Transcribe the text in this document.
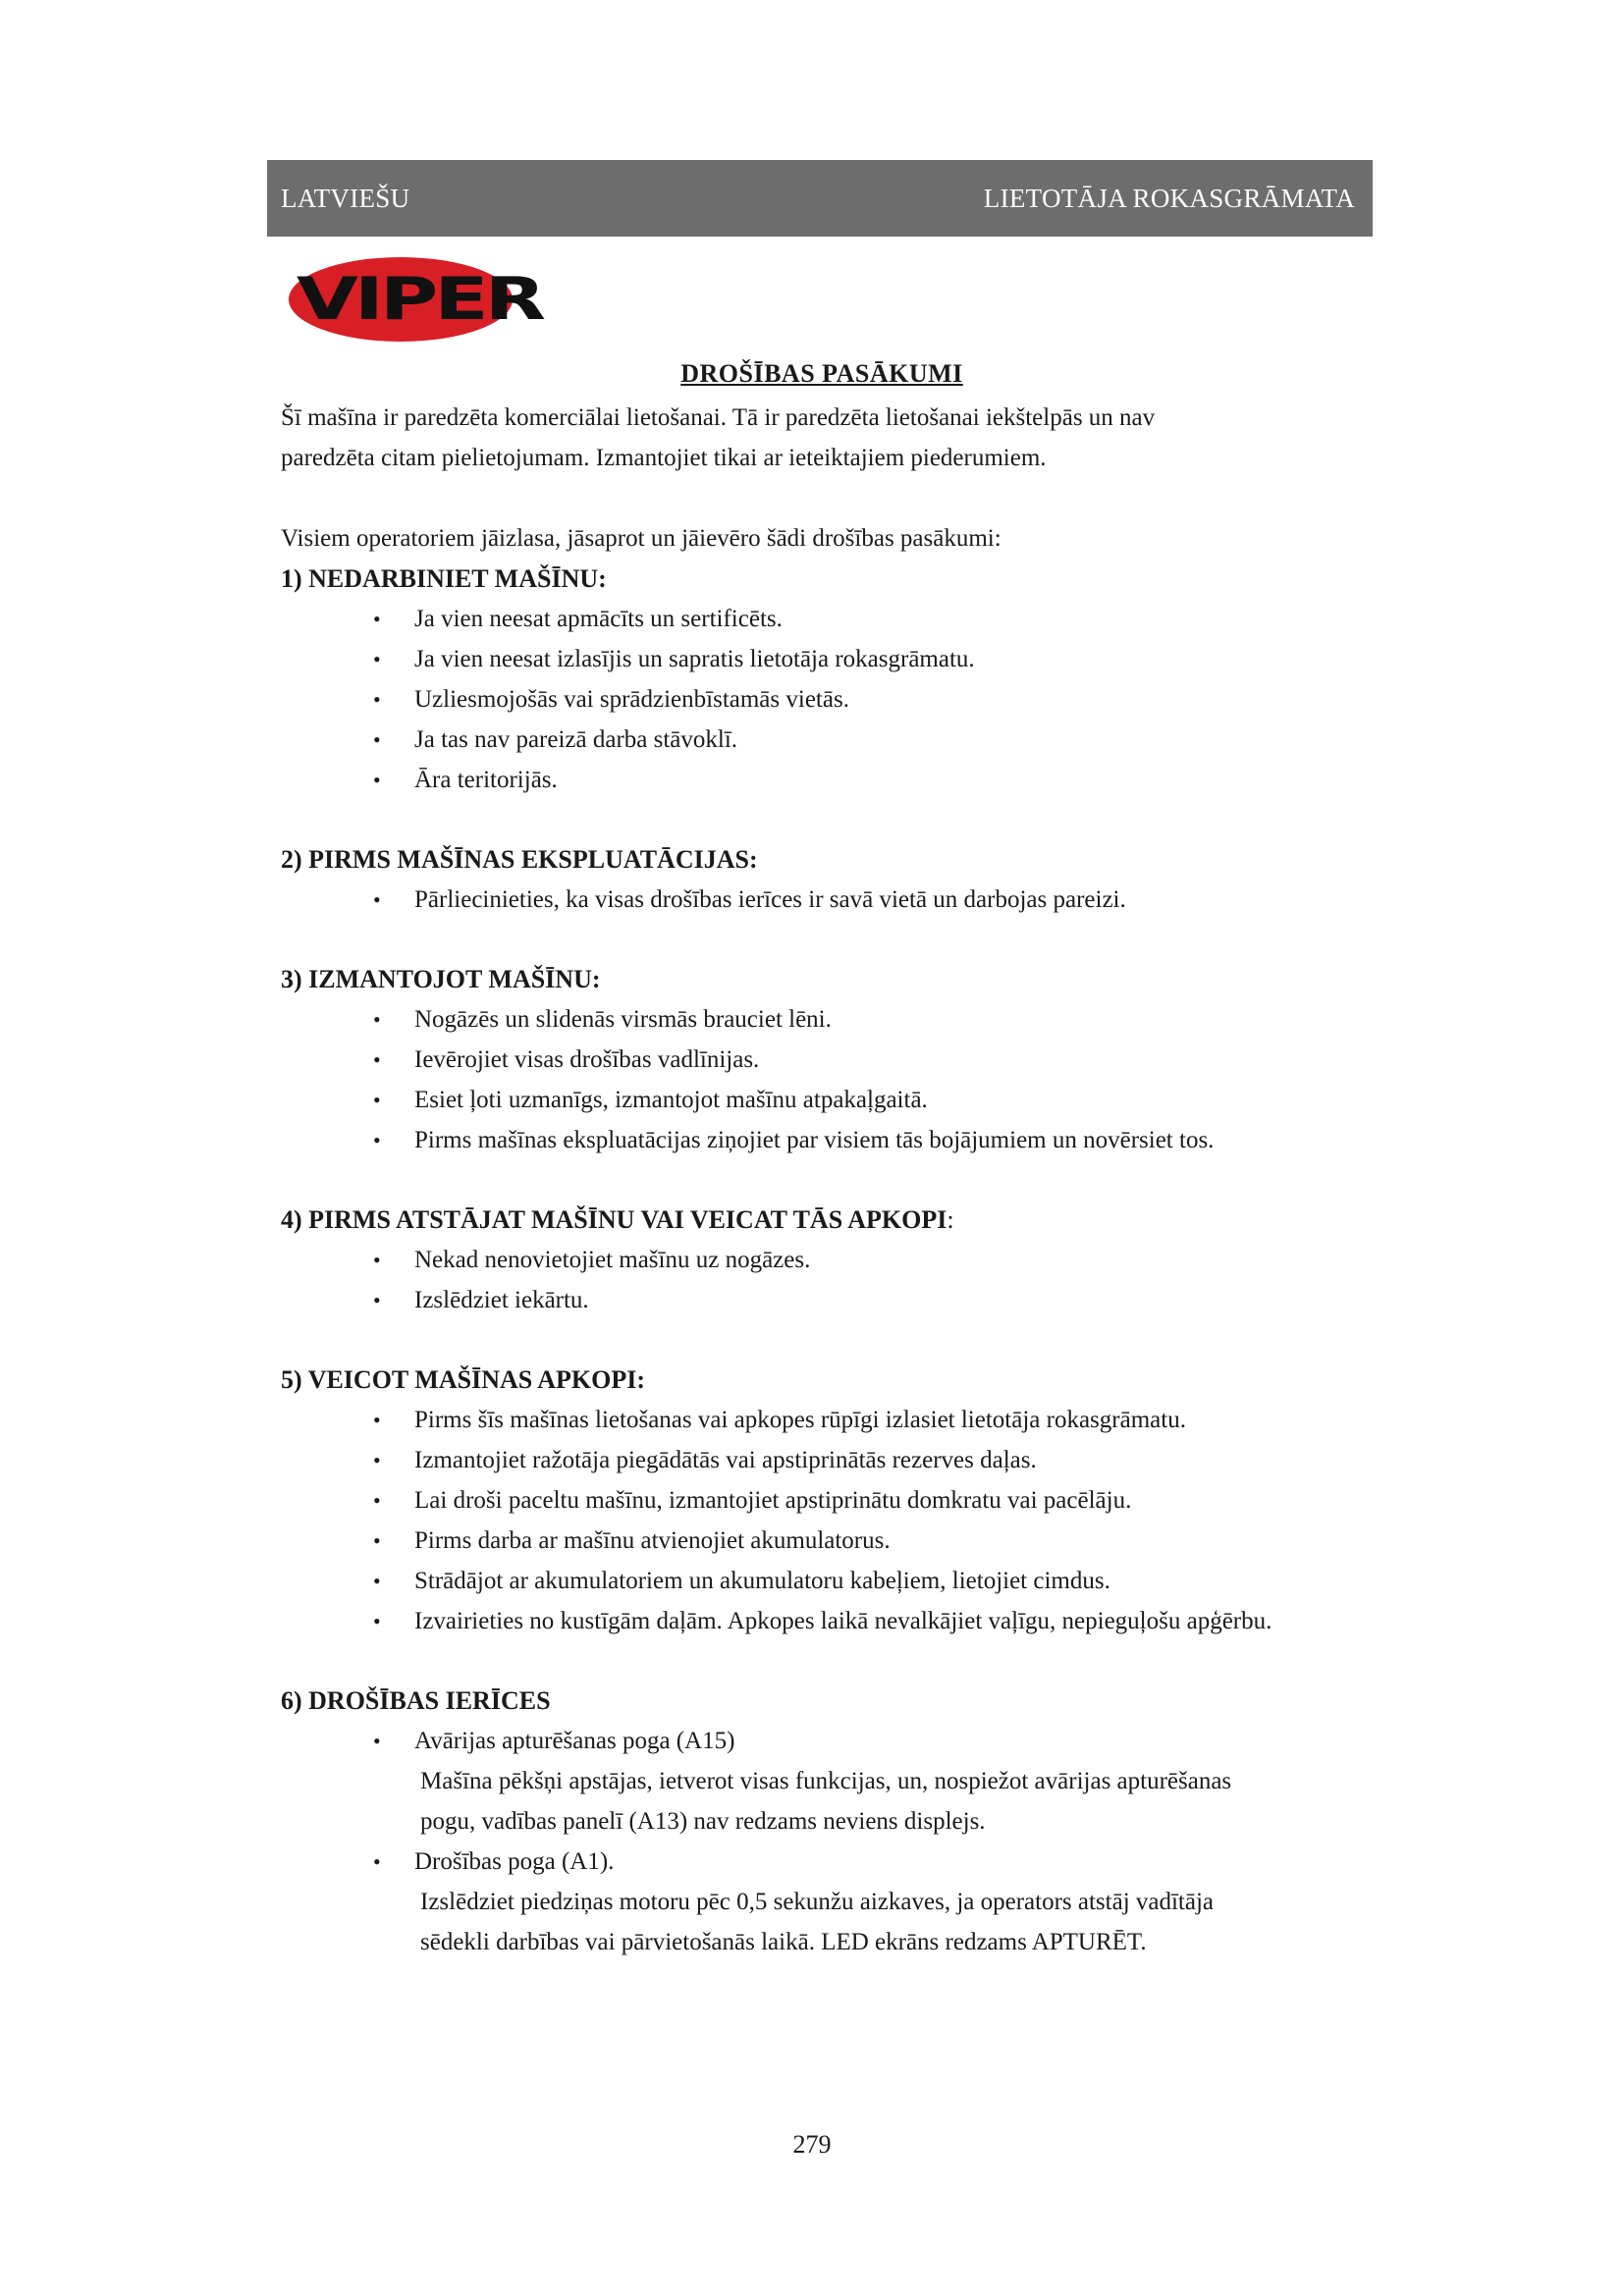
LATVIEŠU	LIETOTĀJA ROKASGRĀMATA
VIPER
DROŠĪBAS PASĀKUMI

Šī mašīna ir paredzēta komerciālai lietošanai. Tā ir paredzēta lietošanai iekštelpās un nav

paredzēta citam pielietojumam. Izmantojiet tikai ar ieteiktajiem piederumiem.

Visiem operatoriem jāizlasa, jāsaprot un jāievēro šādi drošības pasākumi:

1) NEDARBINIET MAŠĪNU:

• Ja vien neesat apmācīts un sertificēts.
• Ja vien neesat izlasījis un sapratis lietotāja rokasgrāmatu.
• Uzliesmojošās vai sprādzienbīstamās vietās.
• Ja tas nav pareizā darba stāvoklī.
• Āra teritorijās.

2) PIRMS MAŠĪNAS EKSPLUATĀCIJAS:

• Pārliecinieties, ka visas drošības ierīces ir savā vietā un darbojas pareizi.

3) IZMANTOJOT MAŠĪNU:

• Nogāzēs un slidenās virsmās brauciet lēni.
• Ievērojiet visas drošības vadlīnijas.
• Esiet ļoti uzmanīgs, izmantojot mašīnu atpakaļgaitā.
• Pirms mašīnas ekspluatācijas ziņojiet par visiem tās bojājumiem un novērsiet tos.

4) PIRMS ATSTĀJAT MAŠĪNU VAI VEICAT TĀS APKOPI:

• Nekad nenovietojiet mašīnu uz nogāzes.
• Izslēdziet iekārtu.

5) VEICOT MAŠĪNAS APKOPI:

• Pirms šīs mašīnas lietošanas vai apkopes rūpīgi izlasiet lietotāja rokasgrāmatu.
• Izmantojiet ražotāja piegādātās vai apstiprinātās rezerves daļas.
• Lai droši paceltu mašīnu, izmantojiet apstiprinātu domkratu vai pacēlāju.
• Pirms darba ar mašīnu atvienojiet akumulatorus.
• Strādājot ar akumulatoriem un akumulatoru kabeļiem, lietojiet cimdus.
• Izvairieties no kustīgām daļām. Apkopes laikā nevalkājiet vaļīgu, nepieguļošu apģērbu.

6) DROŠĪBAS IERĪCES

• Avārijas apturēšanas poga (A15)
Mašīna pēkšņi apstājas, ietverot visas funkcijas, un, nospiežot avārijas apturēšanas
pogu, vadības panelī (A13) nav redzams neviens displejs.
• Drošības poga (A1).
Izslēdziet piedziņas motoru pēc 0,5 sekunžu aizkaves, ja operators atstāj vadītāja
sēdekli darbības vai pārvietošanās laikā. LED ekrāns redzams APTURĒT.
279
